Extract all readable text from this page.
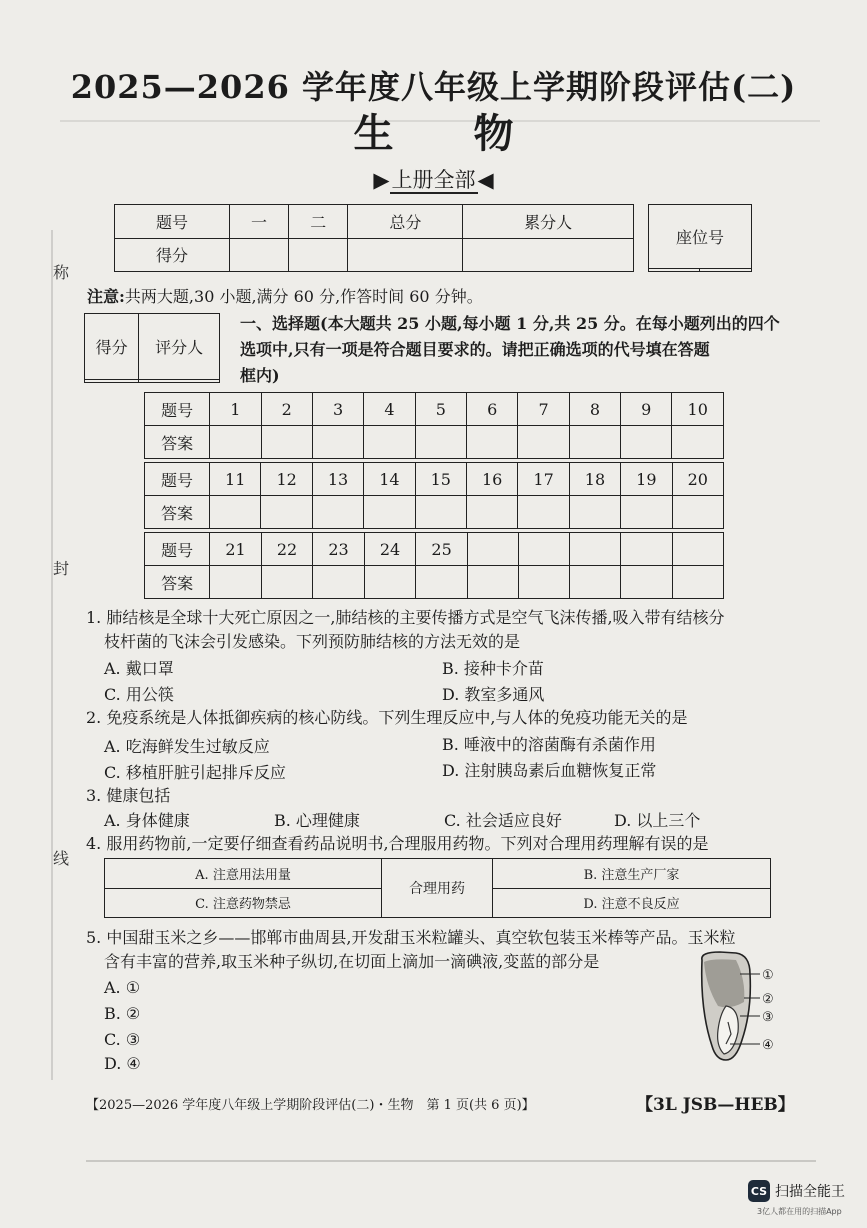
称
封
线
2025—2026 学年度八年级上学期阶段评估(二)
生物
▶上册全部◀
题号	一	二	总分	累分人
得分				
座位号

注意:共两大题,30 小题,满分 60 分,作答时间 60 分钟。
得分	评分人

一、选择题(本大题共 25 小题,每小题 1 分,共 25 分。在每小题列出的四个
选项中,只有一项是符合题目要求的。请把正确选项的代号填在答题
框内)
题号	1	2	3	4	5	6	7	8	9	10
答案										
题号	11	12	13	14	15	16	17	18	19	20
答案										
题号	21	22	23	24	25					
答案										
1. 肺结核是全球十大死亡原因之一,肺结核的主要传播方式是空气飞沫传播,吸入带有结核分
枝杆菌的飞沫会引发感染。下列预防肺结核的方法无效的是
A. 戴口罩	B. 接种卡介苗
C. 用公筷	D. 教室多通风
2. 免疫系统是人体抵御疾病的核心防线。下列生理反应中,与人体的免疫功能无关的是
A. 吃海鲜发生过敏反应	B. 唾液中的溶菌酶有杀菌作用
C. 移植肝脏引起排斥反应	D. 注射胰岛素后血糖恢复正常
3. 健康包括
A. 身体健康	B. 心理健康	C. 社会适应良好	D. 以上三个
4. 服用药物前,一定要仔细查看药品说明书,合理服用药物。下列对合理用药理解有误的是
A. 注意用法用量	合理用药	B. 注意生产厂家
C. 注意药物禁忌		D. 注意不良反应
5. 中国甜玉米之乡——邯郸市曲周县,开发甜玉米粒罐头、真空软包装玉米棒等产品。玉米粒
含有丰富的营养,取玉米种子纵切,在切面上滴加一滴碘液,变蓝的部分是
A. ①
B. ②
C. ③
D. ④
①
②
③
④
【2025—2026 学年度八年级上学期阶段评估(二)・生物　第 1 页(共 6 页)】	【3L JSB—HEB】
CS 扫描全能王
3亿人都在用的扫描App
